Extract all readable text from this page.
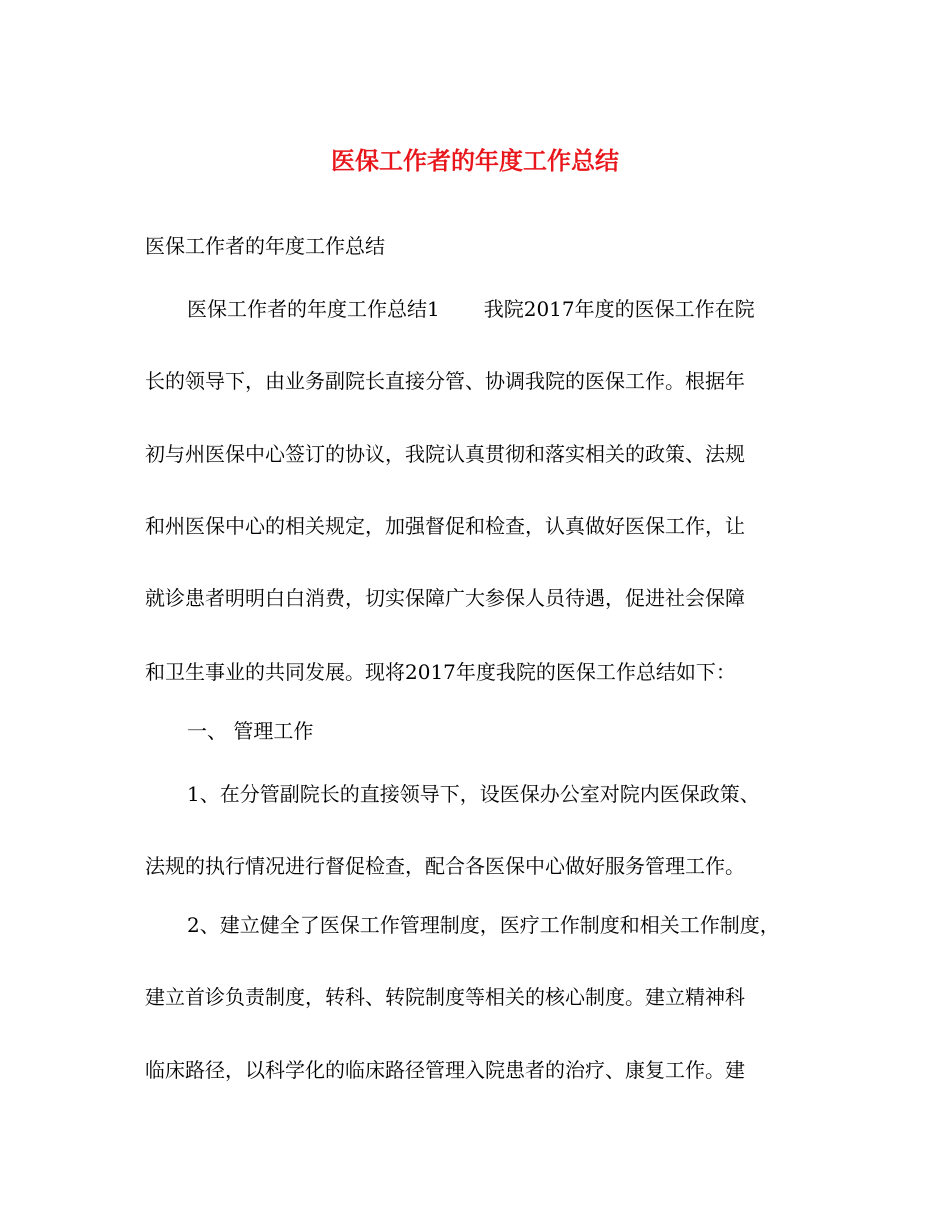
医保工作者的年度工作总结
医保工作者的年度工作总结
医保工作者的年度工作总结1 我院2017年度的医保工作在院
长的领导下，由业务副院长直接分管、协调我院的医保工作。根据年
初与州医保中心签订的协议，我院认真贯彻和落实相关的政策、法规
和州医保中心的相关规定，加强督促和检查，认真做好医保工作，让
就诊患者明明白白消费，切实保障广大参保人员待遇，促进社会保障
和卫生事业的共同发展。现将2017年度我院的医保工作总结如下：
一、 管理工作
1、在分管副院长的直接领导下，设医保办公室对院内医保政策、
法规的执行情况进行督促检查，配合各医保中心做好服务管理工作。
2、建立健全了医保工作管理制度，医疗工作制度和相关工作制度，
建立首诊负责制度，转科、转院制度等相关的核心制度。建立精神科
临床路径，以科学化的临床路径管理入院患者的治疗、康复工作。建
